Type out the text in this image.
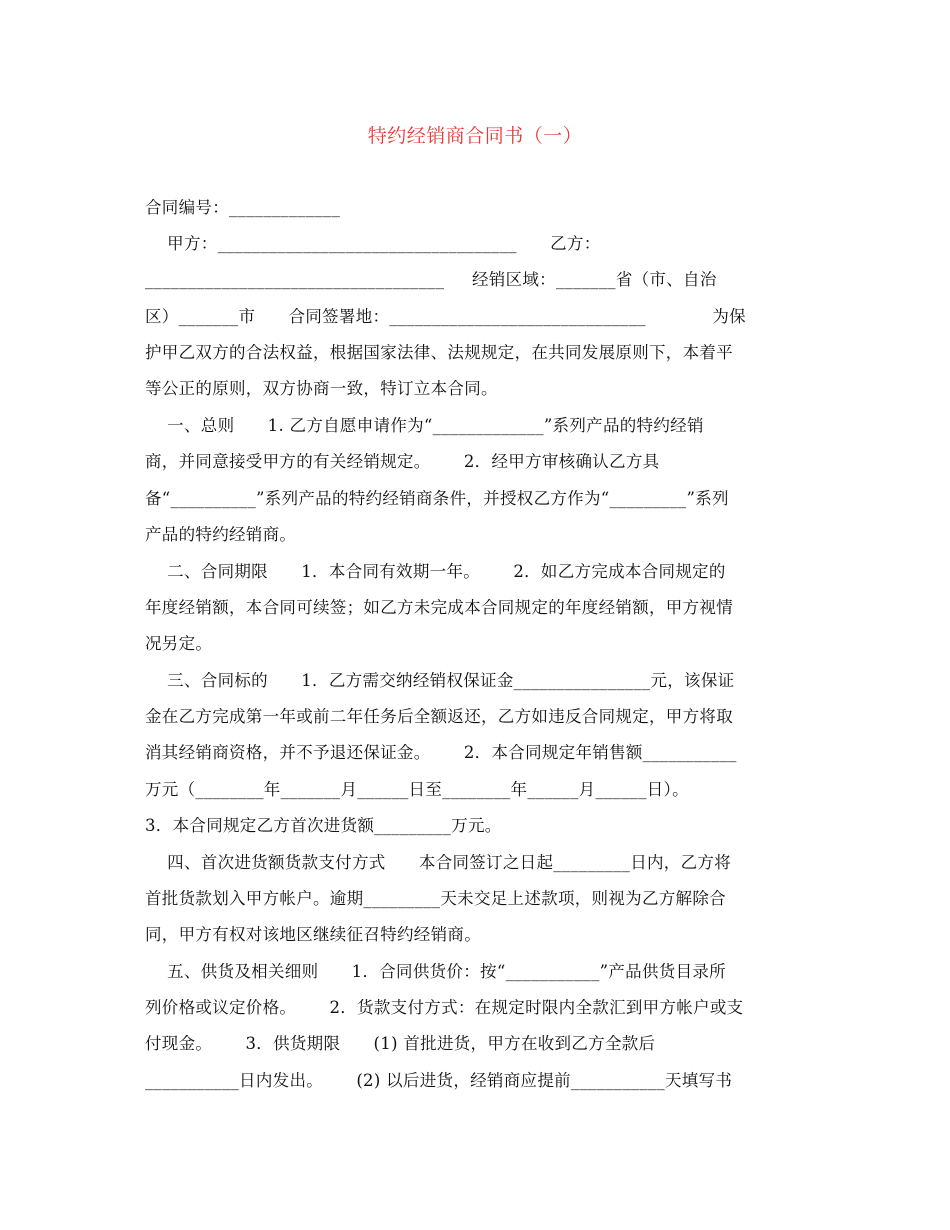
特约经销商合同书（一）
合同编号：_____________
甲方：___________________________________      乙方：
___________________________________     经销区域：_______省（市、自治
区）_______市      合同签署地：______________________________            为保
护甲乙双方的合法权益，根据国家法律、法规规定，在共同发展原则下，本着平
等公正的原则，双方协商一致，特订立本合同。
一、总则      1. 乙方自愿申请作为“_____________”系列产品的特约经销
商，并同意接受甲方的有关经销规定。      2．经甲方审核确认乙方具
备“__________”系列产品的特约经销商条件，并授权乙方作为“_________”系列
产品的特约经销商。
二、合同期限      1．本合同有效期一年。      2．如乙方完成本合同规定的
年度经销额，本合同可续签；如乙方未完成本合同规定的年度经销额，甲方视情
况另定。
三、合同标的      1．乙方需交纳经销权保证金________________元，该保证
金在乙方完成第一年或前二年任务后全额返还，乙方如违反合同规定，甲方将取
消其经销商资格，并不予退还保证金。      2．本合同规定年销售额___________
万元（________年_______月______日至________年______月______日）。
3．本合同规定乙方首次进货额_________万元。
四、首次进货额货款支付方式      本合同签订之日起_________日内，乙方将
首批货款划入甲方帐户。逾期_________天未交足上述款项，则视为乙方解除合
同，甲方有权对该地区继续征召特约经销商。
五、供货及相关细则      1．合同供货价：按“___________”产品供货目录所
列价格或议定价格。      2．货款支付方式：在规定时限内全款汇到甲方帐户或支
付现金。      3．供货期限      (1) 首批进货，甲方在收到乙方全款后
___________日内发出。      (2) 以后进货，经销商应提前___________天填写书
